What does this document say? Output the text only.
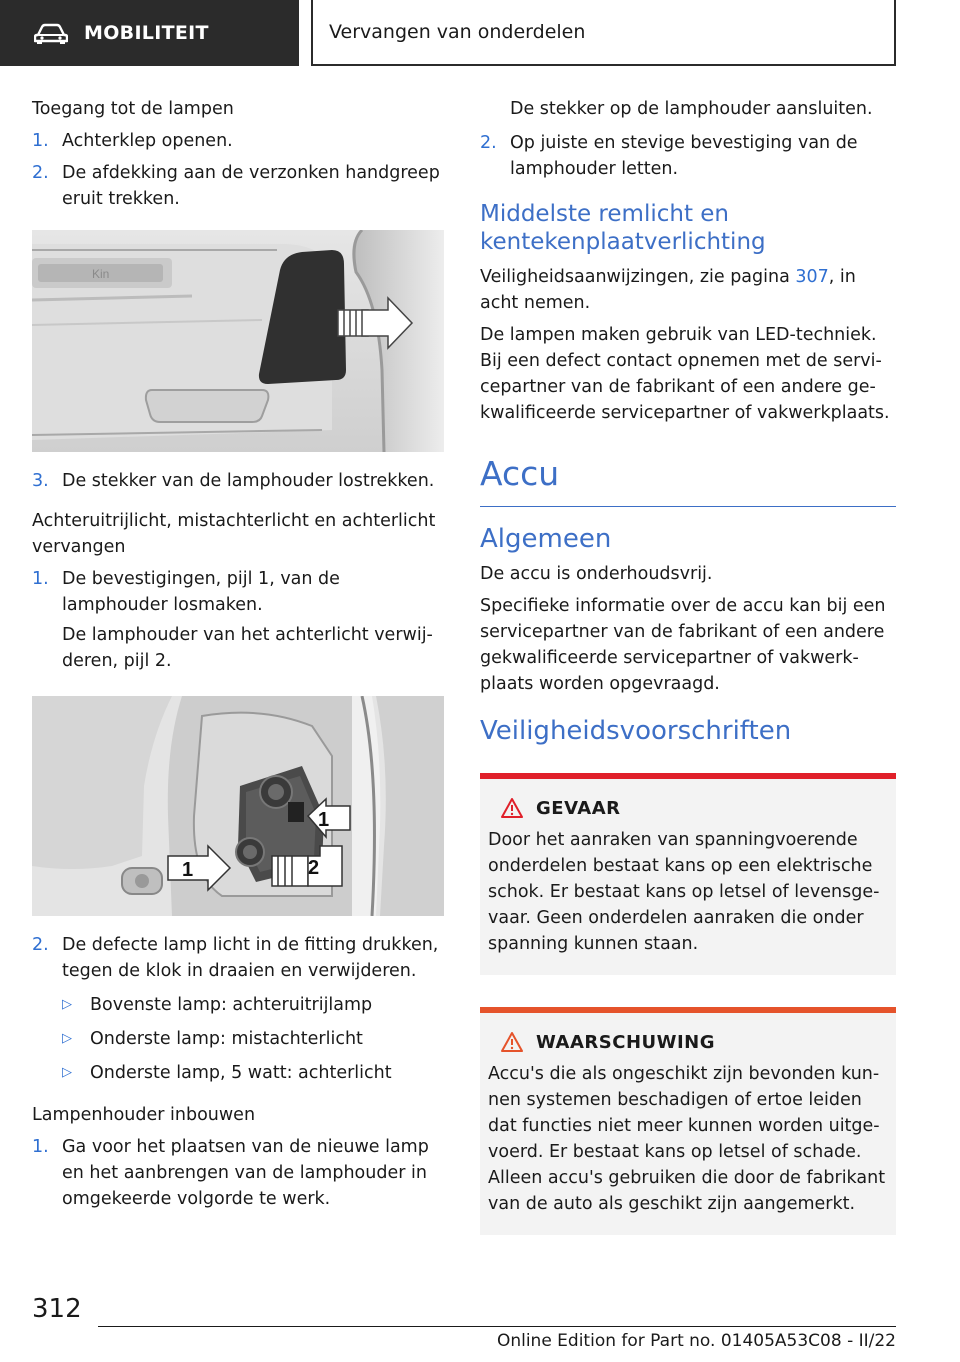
MOBILITEIT	Vervangen van onderdelen
Toegang tot de lampen
1. Achterklep openen.
2. De afdekking aan de verzonken handgreep eruit trekken.
Kin
3. De stekker van de lamphouder lostrekken.
Achteruitrijlicht, mistachterlicht en achterlicht vervangen
1. De bevestigingen, pijl 1, van de lamphouder losmaken.
De lamphouder van het achterlicht verwij-deren, pijl 2.
1
1	2
2. De defecte lamp licht in de fitting drukken, tegen de klok in draaien en verwijderen.
▷ Bovenste lamp: achteruitrijlamp
▷ Onderste lamp: mistachterlicht
▷ Onderste lamp, 5 watt: achterlicht
Lampenhouder inbouwen
1. Ga voor het plaatsen van de nieuwe lamp en het aanbrengen van de lamphouder in omgekeerde volgorde te werk.
De stekker op de lamphouder aansluiten.
2. Op juiste en stevige bevestiging van de lamphouder letten.
Middelste remlicht en kentekenplaatverlichting
Veiligheidsaanwijzingen, zie pagina 307, in acht nemen.
De lampen maken gebruik van LED-techniek. Bij een defect contact opnemen met de servi-cepartner van de fabrikant of een andere ge-kwalificeerde servicepartner of vakwerkplaats.
Accu
Algemeen
De accu is onderhoudsvrij.
Specifieke informatie over de accu kan bij een servicepartner van de fabrikant of een andere gekwalificeerde servicepartner of vakwerk-plaats worden opgevraagd.
Veiligheidsvoorschriften
GEVAAR
Door het aanraken van spanningvoerende onderdelen bestaat kans op een elektrische schok. Er bestaat kans op letsel of levensge-vaar. Geen onderdelen aanraken die onder spanning kunnen staan.
WAARSCHUWING
Accu's die als ongeschikt zijn bevonden kun-nen systemen beschadigen of ertoe leiden dat functies niet meer kunnen worden uitge-voerd. Er bestaat kans op letsel of schade. Alleen accu's gebruiken die door de fabrikant van de auto als geschikt zijn aangemerkt.
312
Online Edition for Part no. 01405A53C08 - II/22
